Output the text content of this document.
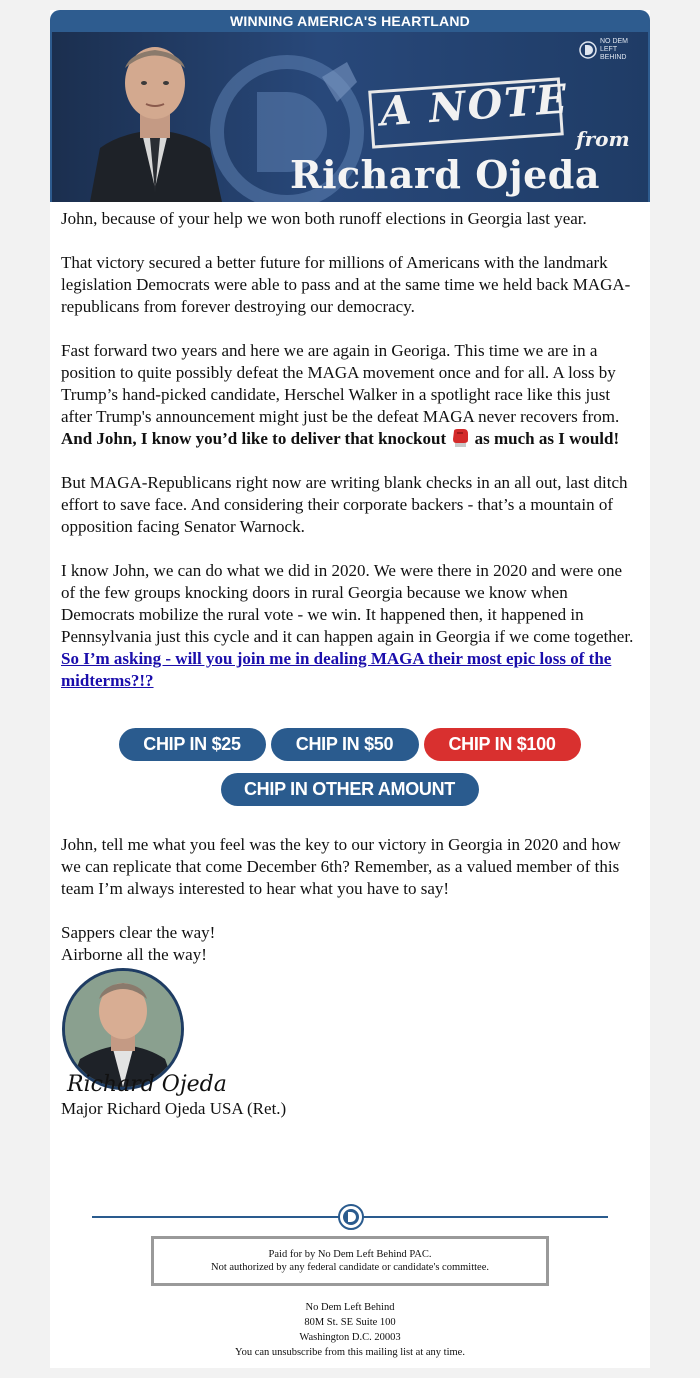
WINNING AMERICA'S HEARTLAND
NO DEM LEFT BEHIND
A NOTE
from
Richard Ojeda

John, because of your help we won both runoff elections in Georgia last year.

That victory secured a better future for millions of Americans with the landmark legislation Democrats were able to pass and at the same time we held back MAGA-republicans from forever destroying our democracy.

Fast forward two years and here we are again in Georiga. This time we are in a position to quite possibly defeat the MAGA movement once and for all. A loss by Trump’s hand-picked candidate, Herschel Walker in a spotlight race like this just after Trump's announcement might just be the defeat MAGA never recovers from. And John, I know you’d like to deliver that knockout  as much as I would!

But MAGA-Republicans right now are writing blank checks in an all out, last ditch effort to save face. And considering their corporate backers - that’s a mountain of opposition facing Senator Warnock.

I know John, we can do what we did in 2020. We were there in 2020 and were one of the few groups knocking doors in rural Georgia because we know when Democrats mobilize the rural vote - we win. It happened then, it happened in Pennsylvania just this cycle and it can happen again in Georgia if we come together. So I’m asking - will you join me in dealing MAGA their most epic loss of the midterms?!?

CHIP IN $25	CHIP IN $50	CHIP IN $100
CHIP IN OTHER AMOUNT

John, tell me what you feel was the key to our victory in Georgia in 2020 and how we can replicate that come December 6th? Remember, as a valued member of this team I’m always interested to hear what you have to say!

Sappers clear the way!
Airborne all the way!
Richard Ojeda
Major Richard Ojeda USA (Ret.)
Paid for by No Dem Left Behind PAC.
Not authorized by any federal candidate or candidate's committee.
No Dem Left Behind
80M St. SE Suite 100
Washington D.C. 20003
You can unsubscribe from this mailing list at any time.
